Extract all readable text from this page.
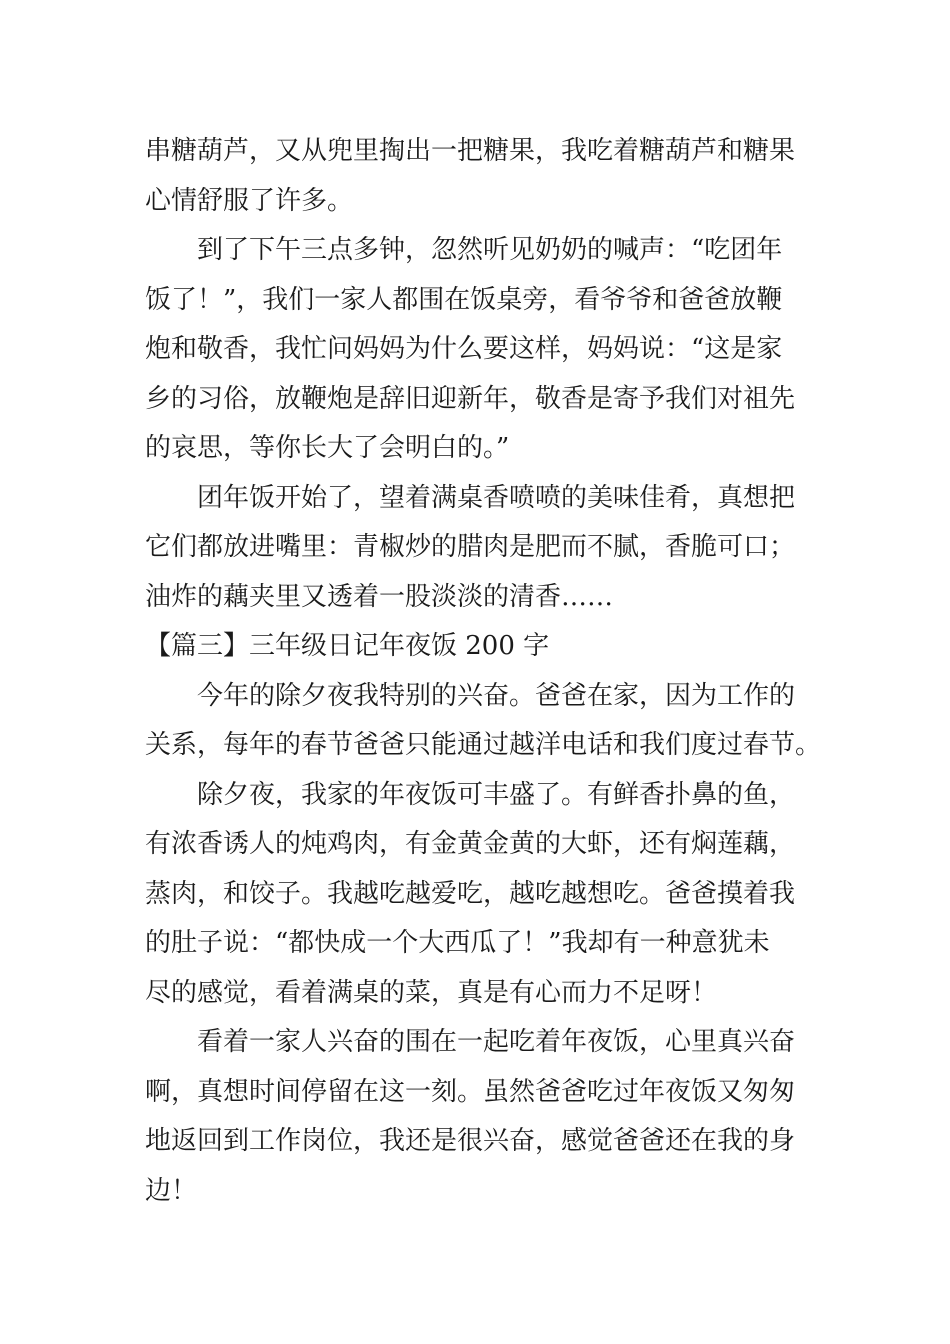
串糖葫芦，又从兜里掏出一把糖果，我吃着糖葫芦和糖果
心情舒服了许多。
到了下午三点多钟，忽然听见奶奶的喊声：“吃团年
饭了！”，我们一家人都围在饭桌旁，看爷爷和爸爸放鞭
炮和敬香，我忙问妈妈为什么要这样，妈妈说：“这是家
乡的习俗，放鞭炮是辞旧迎新年，敬香是寄予我们对祖先
的哀思，等你长大了会明白的。”
团年饭开始了，望着满桌香喷喷的美味佳肴，真想把
它们都放进嘴里：青椒炒的腊肉是肥而不腻，香脆可口；
油炸的藕夹里又透着一股淡淡的清香……
【篇三】三年级日记年夜饭 200 字
今年的除夕夜我特别的兴奋。爸爸在家，因为工作的
关系，每年的春节爸爸只能通过越洋电话和我们度过春节。
除夕夜，我家的年夜饭可丰盛了。有鲜香扑鼻的鱼，
有浓香诱人的炖鸡肉，有金黄金黄的大虾，还有焖莲藕，
蒸肉，和饺子。我越吃越爱吃，越吃越想吃。爸爸摸着我
的肚子说：“都快成一个大西瓜了！”我却有一种意犹未
尽的感觉，看着满桌的菜，真是有心而力不足呀！
看着一家人兴奋的围在一起吃着年夜饭，心里真兴奋
啊，真想时间停留在这一刻。虽然爸爸吃过年夜饭又匆匆
地返回到工作岗位，我还是很兴奋，感觉爸爸还在我的身
边！
